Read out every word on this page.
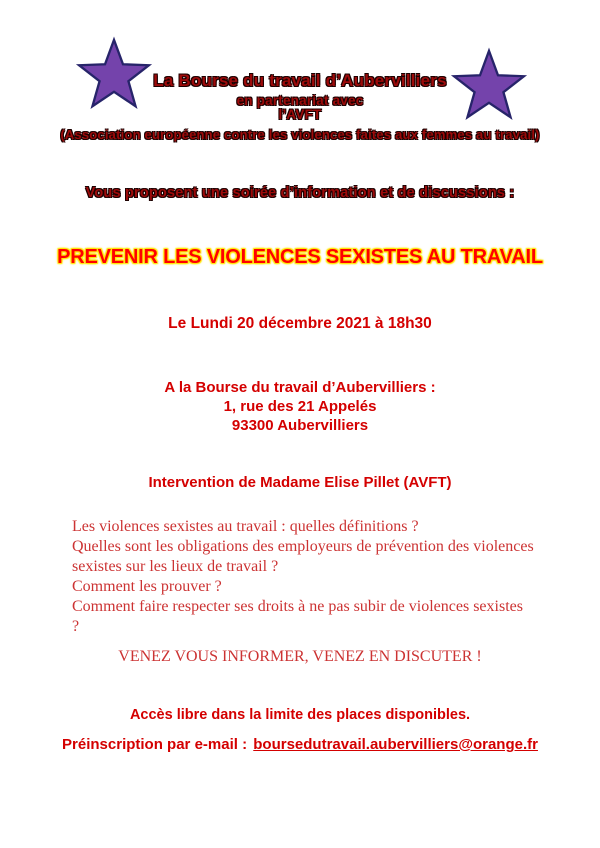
La Bourse du travail d’Aubervilliers
en partenariat avec
l’AVFT
(Association européenne contre les violences faites aux femmes au travail)
Vous proposent une soirée d’information et de discussions :
PREVENIR LES VIOLENCES SEXISTES AU TRAVAIL
Le Lundi 20 décembre 2021 à 18h30
A la Bourse du travail d’Aubervilliers :
1, rue des 21 Appelés
93300 Aubervilliers
Intervention de Madame Elise Pillet (AVFT)
Les violences sexistes au travail : quelles définitions ?
Quelles sont les obligations des employeurs de prévention des violences sexistes sur les lieux de travail ?
Comment les prouver ?
Comment faire respecter ses droits à ne pas subir de violences sexistes ?
VENEZ VOUS INFORMER, VENEZ EN DISCUTER !
Accès libre dans la limite des places disponibles.
Préinscription par e-mail : boursedutravail.aubervilliers@orange.fr
